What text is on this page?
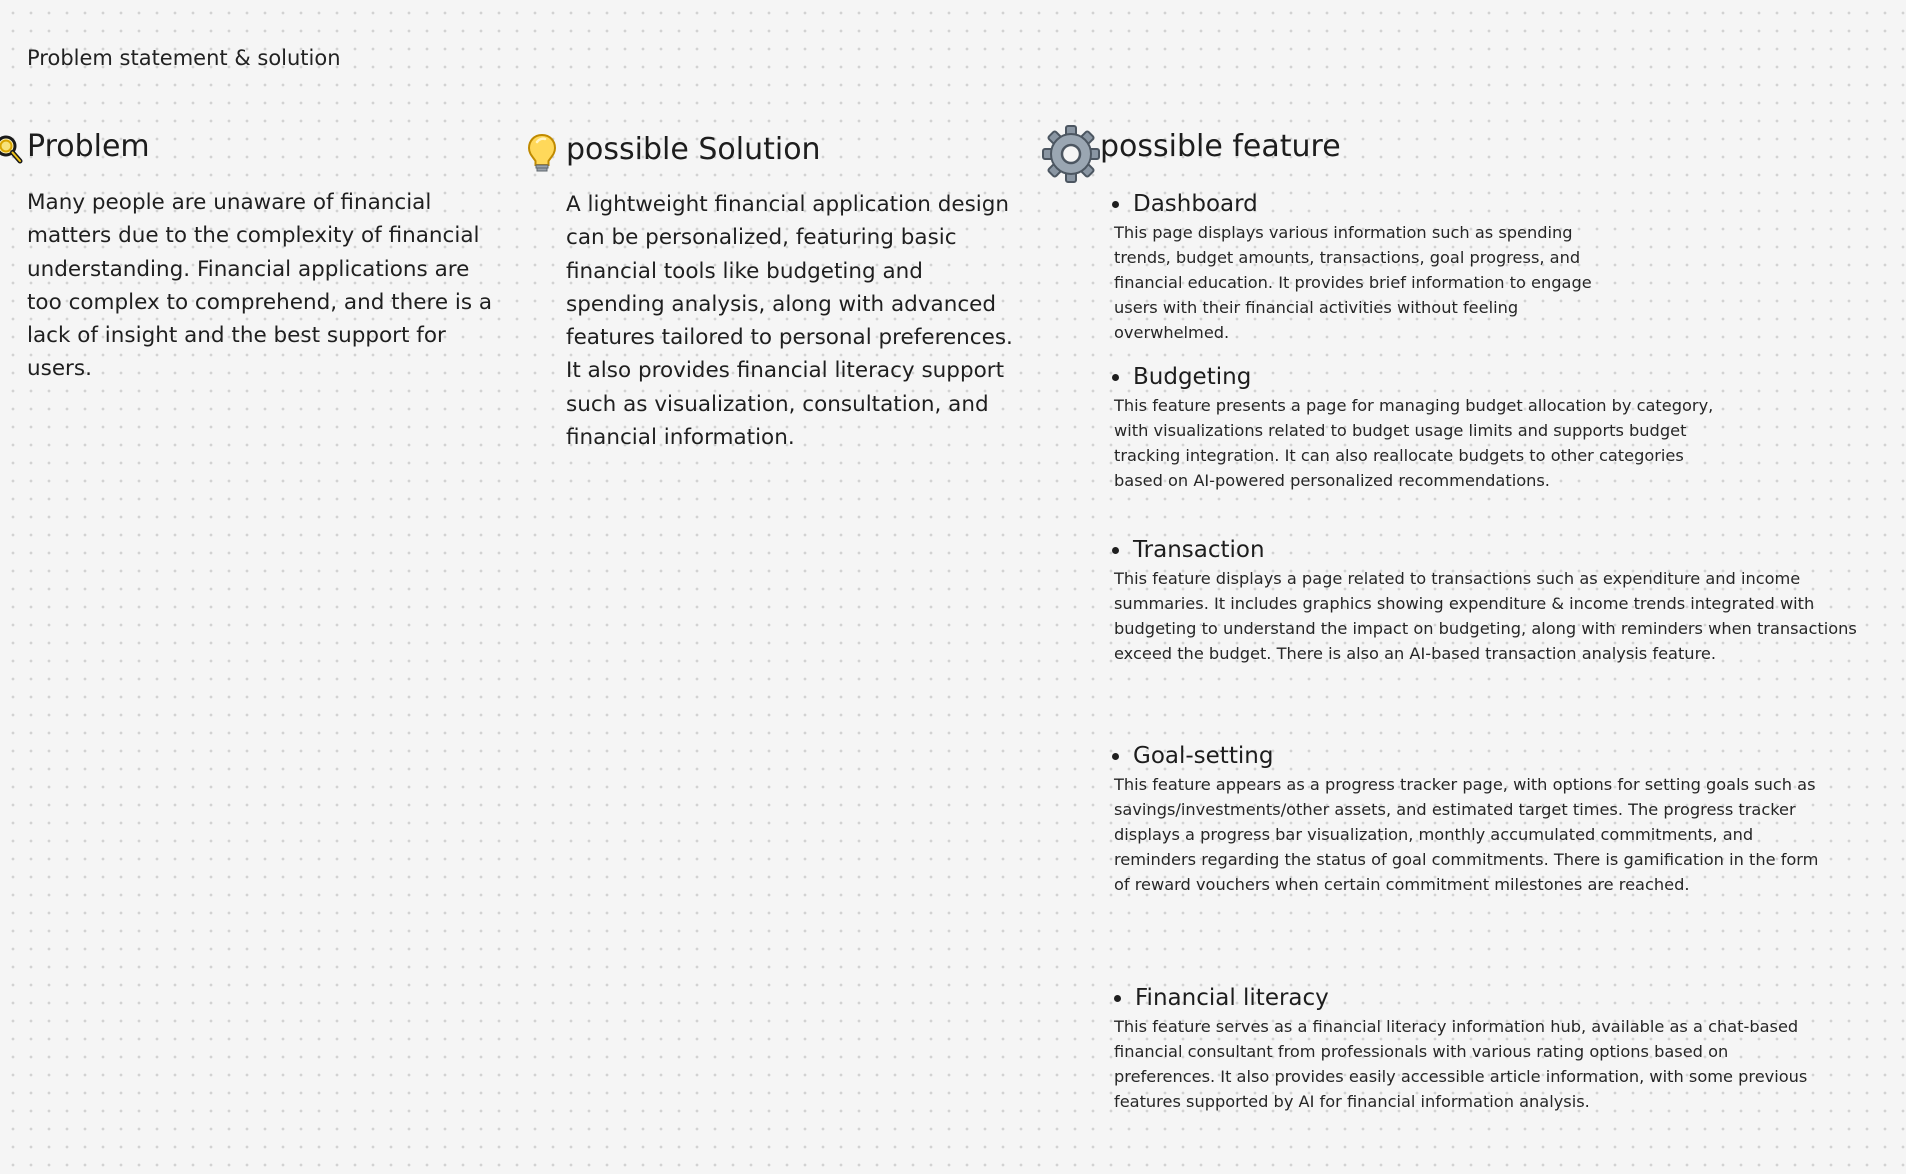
Problem statement & solution
Problem

Many people are unaware of financial matters due to the complexity of financial understanding. Financial applications are too complex to comprehend, and there is a lack of insight and the best support for users.

possible Solution

A lightweight financial application design can be personalized, featuring basic financial tools like budgeting and spending analysis, along with advanced features tailored to personal preferences. It also provides financial literacy support such as visualization, consultation, and financial information.

possible feature
Dashboard

This page displays various information such as spending trends, budget amounts, transactions, goal progress, and financial education. It provides brief information to engage users with their financial activities without feeling overwhelmed.

Budgeting

This feature presents a page for managing budget allocation by category, with visualizations related to budget usage limits and supports budget tracking integration. It can also reallocate budgets to other categories based on AI-powered personalized recommendations.

Transaction

This feature displays a page related to transactions such as expenditure and income summaries. It includes graphics showing expenditure & income trends integrated with budgeting to understand the impact on budgeting, along with reminders when transactions exceed the budget. There is also an AI-based transaction analysis feature.

Goal-setting

This feature appears as a progress tracker page, with options for setting goals such as savings/investments/other assets, and estimated target times. The progress tracker displays a progress bar visualization, monthly accumulated commitments, and reminders regarding the status of goal commitments. There is gamification in the form of reward vouchers when certain commitment milestones are reached.

Financial literacy

This feature serves as a financial literacy information hub, available as a chat-based financial consultant from professionals with various rating options based on preferences. It also provides easily accessible article information, with some previous features supported by AI for financial information analysis.
